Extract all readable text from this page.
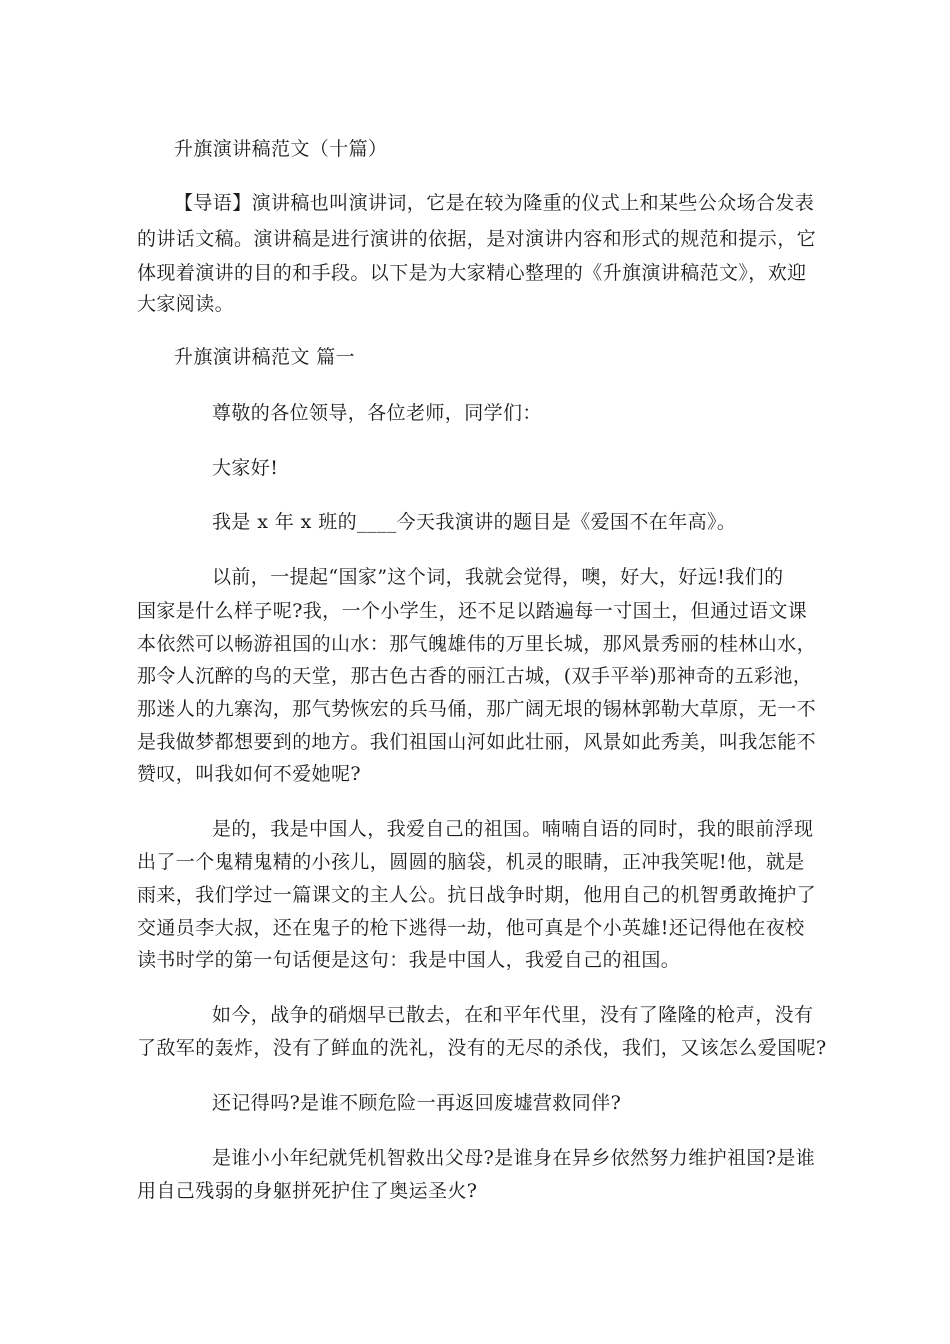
升旗演讲稿范文（十篇）
【导语】演讲稿也叫演讲词，它是在较为隆重的仪式上和某些公众场合发表
的讲话文稿。演讲稿是进行演讲的依据，是对演讲内容和形式的规范和提示，它
体现着演讲的目的和手段。以下是为大家精心整理的《升旗演讲稿范文》，欢迎
大家阅读。
升旗演讲稿范文 篇一
尊敬的各位领导，各位老师，同学们：
大家好!
我是 x 年 x 班的____今天我演讲的题目是《爱国不在年高》。
以前，一提起“国家”这个词，我就会觉得，噢，好大，好远!我们的
国家是什么样子呢?我，一个小学生，还不足以踏遍每一寸国土，但通过语文课
本依然可以畅游祖国的山水：那气魄雄伟的万里长城，那风景秀丽的桂林山水，
那令人沉醉的鸟的天堂，那古色古香的丽江古城，(双手平举)那神奇的五彩池，
那迷人的九寨沟，那气势恢宏的兵马俑，那广阔无垠的锡林郭勒大草原，无一不
是我做梦都想要到的地方。我们祖国山河如此壮丽，风景如此秀美，叫我怎能不
赞叹，叫我如何不爱她呢?
是的，我是中国人，我爱自己的祖国。喃喃自语的同时，我的眼前浮现
出了一个鬼精鬼精的小孩儿，圆圆的脑袋，机灵的眼睛，正冲我笑呢!他，就是
雨来，我们学过一篇课文的主人公。抗日战争时期，他用自己的机智勇敢掩护了
交通员李大叔，还在鬼子的枪下逃得一劫，他可真是个小英雄!还记得他在夜校
读书时学的第一句话便是这句：我是中国人，我爱自己的祖国。
如今，战争的硝烟早已散去，在和平年代里，没有了隆隆的枪声，没有
了敌军的轰炸，没有了鲜血的洗礼，没有的无尽的杀伐，我们，又该怎么爱国呢?
还记得吗?是谁不顾危险一再返回废墟营救同伴?
是谁小小年纪就凭机智救出父母?是谁身在异乡依然努力维护祖国?是谁
用自己残弱的身躯拼死护住了奥运圣火?
